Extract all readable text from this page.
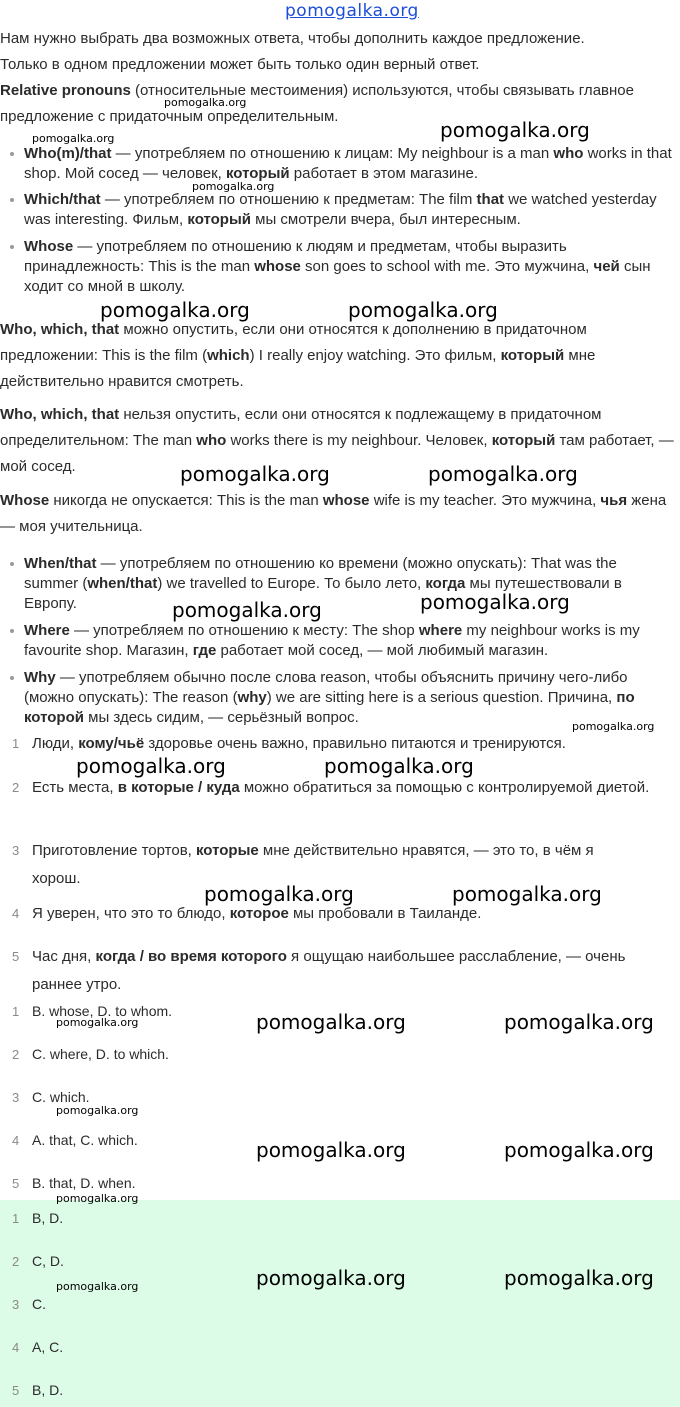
pomogalka.org
Нам нужно выбрать два возможных ответа, чтобы дополнить каждое предложение.
Только в одном предложении может быть только один верный ответ.
Relative pronouns (относительные местоимения) используются, чтобы связывать главное предложение с придаточным определительным.
Who(m)/that — употребляем по отношению к лицам: My neighbour is a man who works in that shop. Мой сосед — человек, который работает в этом магазине.
Which/that — употребляем по отношению к предметам: The film that we watched yesterday was interesting. Фильм, который мы смотрели вчера, был интересным.
Whose — употребляем по отношению к людям и предметам, чтобы выразить принадлежность: This is the man whose son goes to school with me. Это мужчина, чей сын ходит со мной в школу.
Who, which, that можно опустить, если они относятся к дополнению в придаточном предложении: This is the film (which) I really enjoy watching. Это фильм, который мне действительно нравится смотреть.
Who, which, that нельзя опустить, если они относятся к подлежащему в придаточном определительном: The man who works there is my neighbour. Человек, который там работает, — мой сосед.
Whose никогда не опускается: This is the man whose wife is my teacher. Это мужчина, чья жена — моя учительница.
When/that — употребляем по отношению ко времени (можно опускать): That was the summer (when/that) we travelled to Europe. То было лето, когда мы путешествовали в Европу.
Where — употребляем по отношению к месту: The shop where my neighbour works is my favourite shop. Магазин, где работает мой сосед, — мой любимый магазин.
Why — употребляем обычно после слова reason, чтобы объяснить причину чего-либо (можно опускать): The reason (why) we are sitting here is a serious question. Причина, по которой мы здесь сидим, — серьёзный вопрос.
1 Люди, кому/чьё здоровье очень важно, правильно питаются и тренируются.
2 Есть места, в которые / куда можно обратиться за помощью с контролируемой диетой.
3 Приготовление тортов, которые мне действительно нравятся, — это то, в чём я хорош.
4 Я уверен, что это то блюдо, которое мы пробовали в Таиланде.
5 Час дня, когда / во время которого я ощущаю наибольшее расслабление, — очень раннее утро.
1 B. whose, D. to whom.
2 C. where, D. to which.
3 C. which.
4 A. that, C. which.
5 B. that, D. when.
1 B, D.
2 C, D.
3 C.
4 A, C.
5 B, D.
pomogalka.org
pomogalka.org	pomogalka.org
pomogalka.org
pomogalka.org	pomogalka.org
pomogalka.org	pomogalka.org
pomogalka.org	pomogalka.org
pomogalka.org
pomogalka.org	pomogalka.org
pomogalka.org	pomogalka.org
pomogalka.org	pomogalka.org	pomogalka.org
pomogalka.org
pomogalka.org	pomogalka.org
pomogalka.org
pomogalka.org	pomogalka.org	pomogalka.org
